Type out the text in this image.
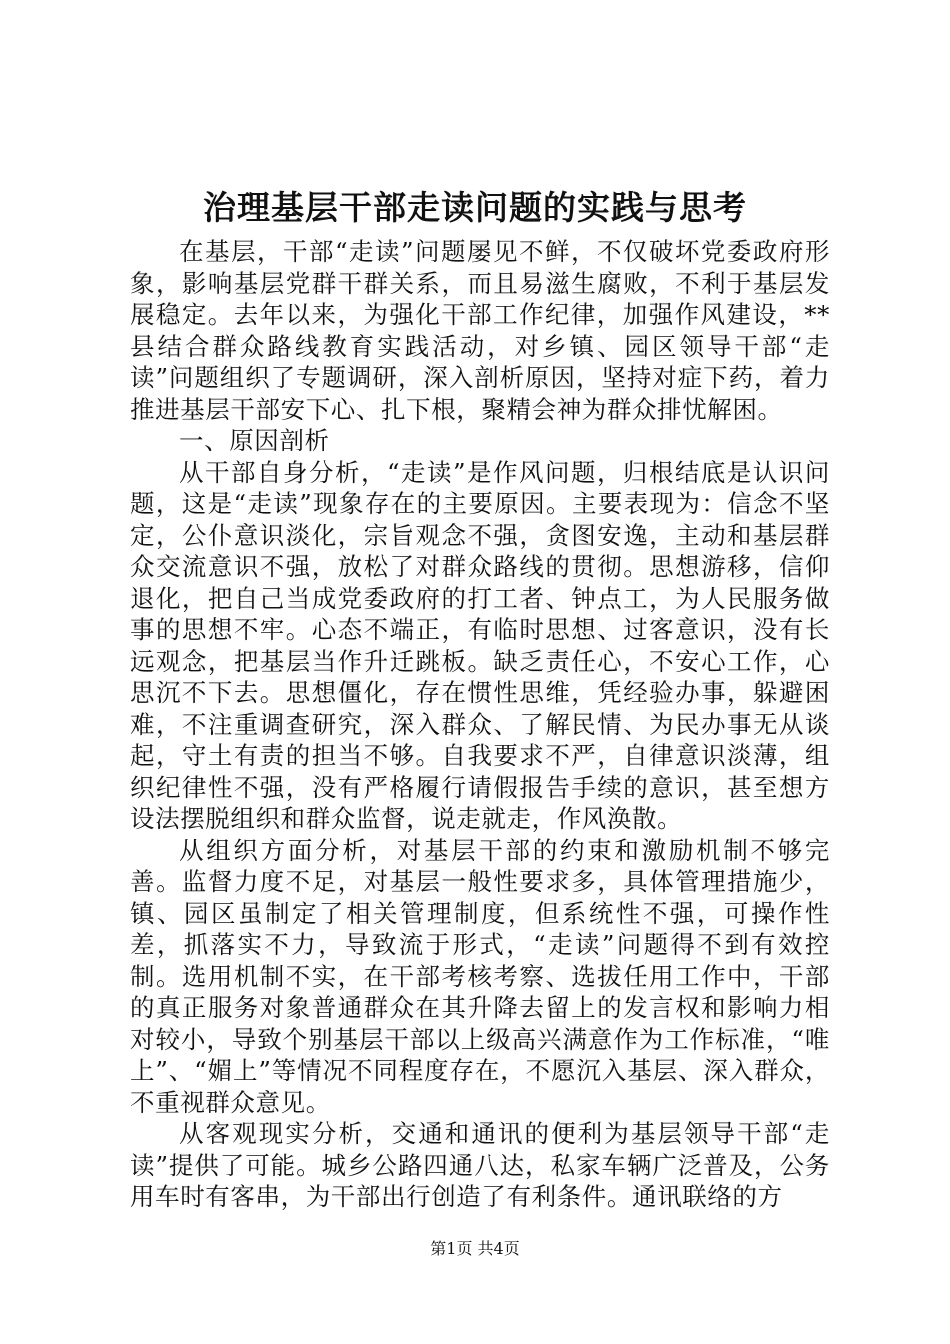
治理基层干部走读问题的实践与思考

在基层，干部“走读”问题屡见不鲜，不仅破坏党委政府形象，影响基层党群干群关系，而且易滋生腐败，不利于基层发展稳定。去年以来，为强化干部工作纪律，加强作风建设，**县结合群众路线教育实践活动，对乡镇、园区领导干部“走读”问题组织了专题调研，深入剖析原因，坚持对症下药，着力推进基层干部安下心、扎下根，聚精会神为群众排忧解困。

一、原因剖析

从干部自身分析，“走读”是作风问题，归根结底是认识问题，这是“走读”现象存在的主要原因。主要表现为：信念不坚定，公仆意识淡化，宗旨观念不强，贪图安逸，主动和基层群众交流意识不强，放松了对群众路线的贯彻。思想游移，信仰退化，把自己当成党委政府的打工者、钟点工，为人民服务做事的思想不牢。心态不端正，有临时思想、过客意识，没有长远观念，把基层当作升迁跳板。缺乏责任心，不安心工作，心思沉不下去。思想僵化，存在惯性思维，凭经验办事，躲避困难，不注重调查研究，深入群众、了解民情、为民办事无从谈起，守土有责的担当不够。自我要求不严，自律意识淡薄，组织纪律性不强，没有严格履行请假报告手续的意识，甚至想方设法摆脱组织和群众监督，说走就走，作风涣散。

从组织方面分析，对基层干部的约束和激励机制不够完善。监督力度不足，对基层一般性要求多，具体管理措施少，镇、园区虽制定了相关管理制度，但系统性不强，可操作性差，抓落实不力，导致流于形式，“走读”问题得不到有效控制。选用机制不实，在干部考核考察、选拔任用工作中，干部的真正服务对象普通群众在其升降去留上的发言权和影响力相对较小，导致个别基层干部以上级高兴满意作为工作标准，“唯上”、“媚上”等情况不同程度存在，不愿沉入基层、深入群众，不重视群众意见。

从客观现实分析，交通和通讯的便利为基层领导干部“走读”提供了可能。城乡公路四通八达，私家车辆广泛普及，公务用车时有客串，为干部出行创造了有利条件。通讯联络的方

第1页 共4页
